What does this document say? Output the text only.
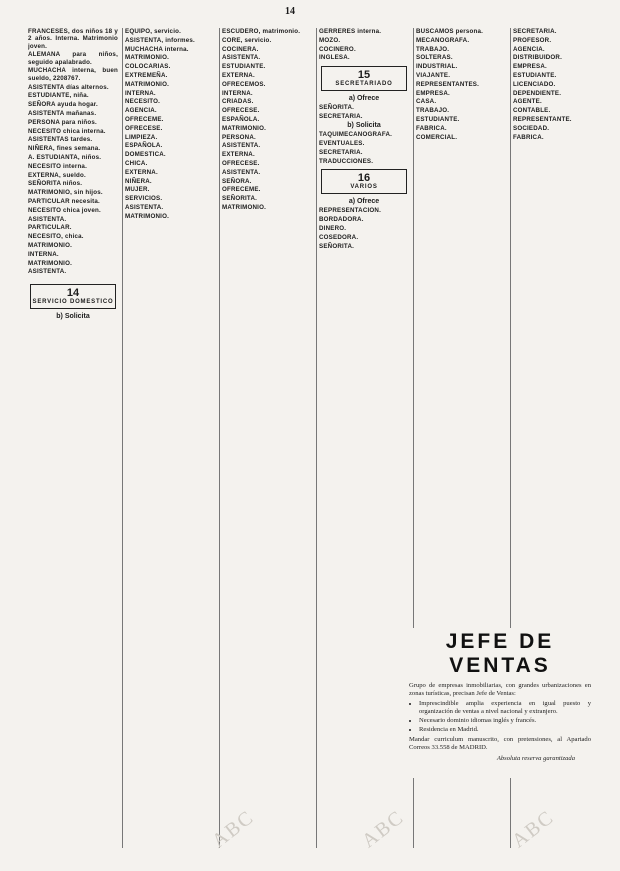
14

FRANCESES, dos niños 18 y 2 años. Interna. Matrimonio joven.

ALEMANA para niños, seguido apalabrado.

MUCHACHA interna, buen sueldo, 2208767.

ASISTENTA días alternos.

ESTUDIANTE, niña.

SEÑORA ayuda hogar.

ASISTENTA mañanas.

PERSONA para niños.

NECESITO chica interna.

ASISTENTAS tardes.

NIÑERA, fines semana.

A. ESTUDIANTA, niños.

NECESITO interna.

EXTERNA, sueldo.

SEÑORITA niños.

MATRIMONIO, sin hijos.

PARTICULAR necesita.

NECESITO chica joven.

ASISTENTA.

PARTICULAR.

NECESITO, chica.

MATRIMONIO.

INTERNA.

MATRIMONIO.

ASISTENTA.

14
SERVICIO DOMESTICO
b) Solicita

EQUIPO, servicio.

ASISTENTA, informes.

MUCHACHA interna.

MATRIMONIO.

COLOCARIAS.

EXTREMEÑA.

MATRIMONIO.

INTERNA.

NECESITO.

AGENCIA.

OFRECEME.

OFRECESE.

LIMPIEZA.

ESPAÑOLA.

DOMESTICA.

CHICA.

EXTERNA.

NIÑERA.

MUJER.

SERVICIOS.

ASISTENTA.

MATRIMONIO.

ESCUDERO, matrimonio.

CORE, servicio.

COCINERA.

ASISTENTA.

ESTUDIANTE.

EXTERNA.

OFRECEMOS.

INTERNA.

CRIADAS.

OFRECESE.

ESPAÑOLA.

MATRIMONIO.

PERSONA.

ASISTENTA.

EXTERNA.

OFRECESE.

ASISTENTA.

SEÑORA.

OFRECEME.

SEÑORITA.

MATRIMONIO.

GERRERES interna.

MOZO.

COCINERO.

INGLESA.

15
SECRETARIADO
a) Ofrece

SEÑORITA.

SECRETARIA.

b) Solicita

TAQUIMECANOGRAFA.

EVENTUALES.

SECRETARIA.

TRADUCCIONES.

16
VARIOS
a) Ofrece

REPRESENTACION.

BORDADORA.

DINERO.

COSEDORA.

SEÑORITA.

BUSCAMOS persona.

MECANOGRAFA.

TRABAJO.

SOLTERAS.

INDUSTRIAL.

VIAJANTE.

REPRESENTANTES.

EMPRESA.

CASA.

TRABAJO.

ESTUDIANTE.

FABRICA.

COMERCIAL.

SECRETARIA.

PROFESOR.

AGENCIA.

DISTRIBUIDOR.

EMPRESA.

ESTUDIANTE.

LICENCIADO.

DEPENDIENTE.

AGENTE.

CONTABLE.

REPRESENTANTE.

SOCIEDAD.

FABRICA.

JEFE DE VENTAS
Grupo de empresas inmobiliarias, con grandes urbanizaciones en zonas turísticas, precisan Jefe de Ventas:
• Imprescindible amplia experiencia en igual puesto y organización de ventas a nivel nacional y extranjero.
• Necesario dominio idiomas inglés y francés.
• Residencia en Madrid.
Mandar curriculum manuscrito, con pretensiones, al Apartado Correos 33.558 de MADRID.
Absoluta reserva garantizada
ABC	ABC	ABC
